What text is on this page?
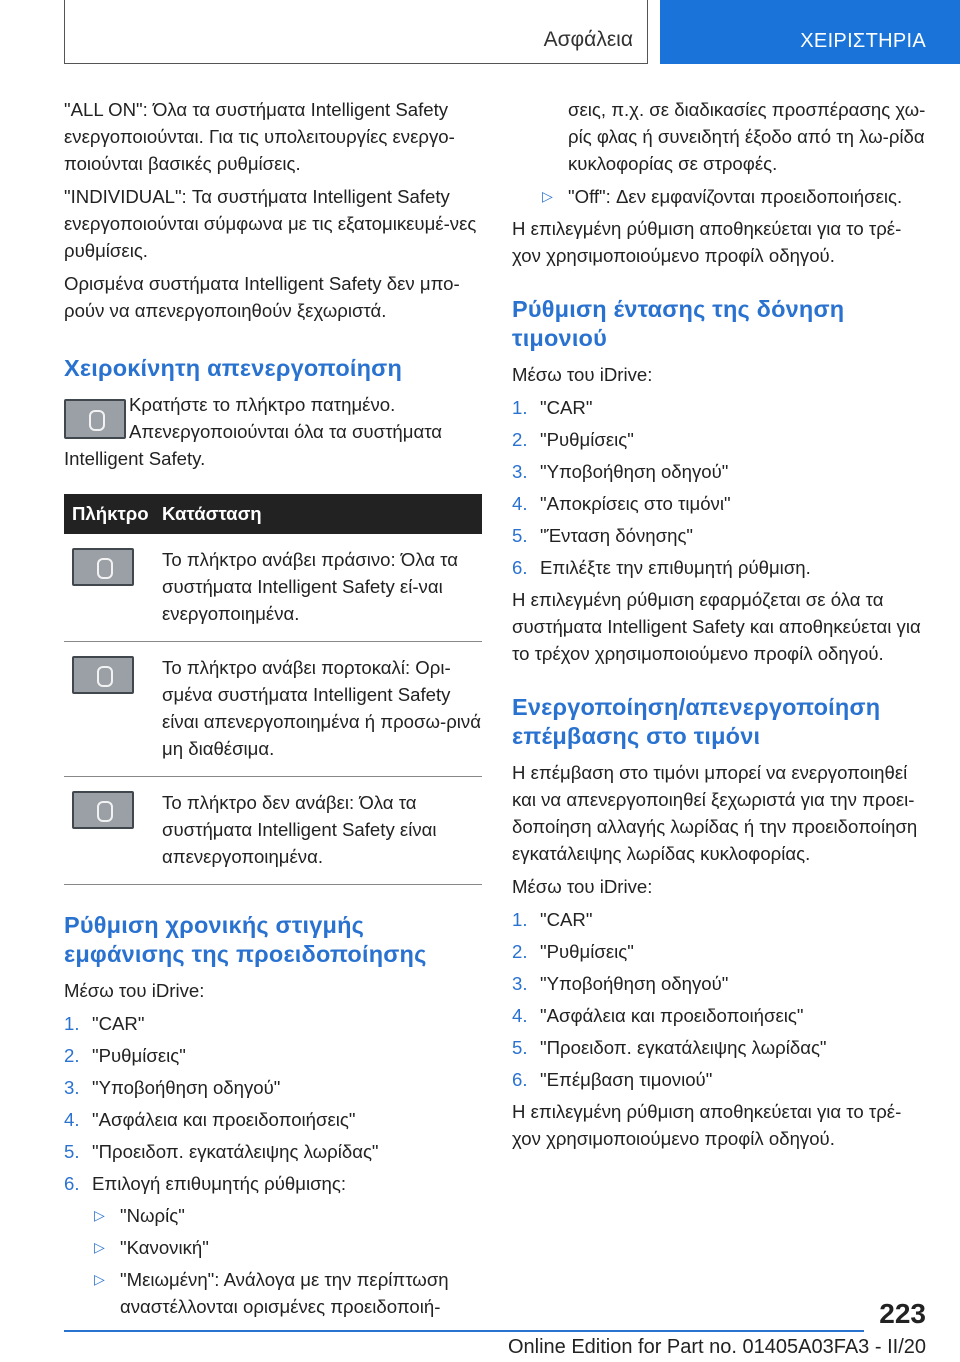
Ασφάλεια	ΧΕΙΡΙΣΤΗΡΙΑ

"ALL ON": Όλα τα συστήματα Intelligent Safety ενεργοποιούνται. Για τις υπολειτουργίες ενεργο‐ποιούνται βασικές ρυθμίσεις.

"INDIVIDUAL": Τα συστήματα Intelligent Safety ενεργοποιούνται σύμφωνα με τις εξατομικευμέ‐νες ρυθμίσεις.

Ορισμένα συστήματα Intelligent Safety δεν μπο‐ρούν να απενεργοποιηθούν ξεχωριστά.

Χειροκίνητη απενεργοποίηση
Κρατήστε το πλήκτρο πατημένο.
Απενεργοποιούνται όλα τα συστήματα
Intelligent Safety.
Πλήκτρο	Κατάσταση

	Το πλήκτρο ανάβει πράσινο: Όλα τα συστήματα Intelligent Safety εί‐ναι ενεργοποιημένα.

	Το πλήκτρο ανάβει πορτοκαλί: Ορι‐σμένα συστήματα Intelligent Safety είναι απενεργοποιημένα ή προσω‐ρινά μη διαθέσιμα.

	Το πλήκτρο δεν ανάβει: Όλα τα συστήματα Intelligent Safety είναι απενεργοποιημένα.
Ρύθμιση χρονικής στιγμής εμφάνισης της προειδοποίησης

Μέσω του iDrive:

1. "CAR"
2. "Ρυθμίσεις"
3. "Υποβοήθηση οδηγού"
4. "Ασφάλεια και προειδοποιήσεις"
5. "Προειδοπ. εγκατάλειψης λωρίδας"
6. Επιλογή επιθυμητής ρύθμισης:
▷ "Νωρίς"
▷ "Κανονική"
▷ "Μειωμένη": Ανάλογα με την περίπτωση αναστέλλονται ορισμένες προειδοποιή‐

σεις, π.χ. σε διαδικασίες προσπέρασης χω‐ρίς φλας ή συνειδητή έξοδο από τη λω‐ρίδα κυκλοφορίας σε στροφές.

▷ "Off": Δεν εμφανίζονται προειδοποιήσεις.

Η επιλεγμένη ρύθμιση αποθηκεύεται για το τρέ‐χον χρησιμοποιούμενο προφίλ οδηγού.

Ρύθμιση έντασης της δόνηση τιμονιού

Μέσω του iDrive:

1. "CAR"
2. "Ρυθμίσεις"
3. "Υποβοήθηση οδηγού"
4. "Αποκρίσεις στο τιμόνι"
5. "Ένταση δόνησης"
6. Επιλέξτε την επιθυμητή ρύθμιση.

Η επιλεγμένη ρύθμιση εφαρμόζεται σε όλα τα συστήματα Intelligent Safety και αποθηκεύεται για το τρέχον χρησιμοποιούμενο προφίλ οδηγού.

Ενεργοποίηση/απενεργοποίηση επέμβασης στο τιμόνι

Η επέμβαση στο τιμόνι μπορεί να ενεργοποιηθεί και να απενεργοποιηθεί ξεχωριστά για την προει‐δοποίηση αλλαγής λωρίδας ή την προειδοποίηση εγκατάλειψης λωρίδας κυκλοφορίας.

Μέσω του iDrive:

1. "CAR"
2. "Ρυθμίσεις"
3. "Υποβοήθηση οδηγού"
4. "Ασφάλεια και προειδοποιήσεις"
5. "Προειδοπ. εγκατάλειψης λωρίδας"
6. "Επέμβαση τιμονιού"

Η επιλεγμένη ρύθμιση αποθηκεύεται για το τρέ‐χον χρησιμοποιούμενο προφίλ οδηγού.

223
Online Edition for Part no. 01405A03FA3 - II/20
